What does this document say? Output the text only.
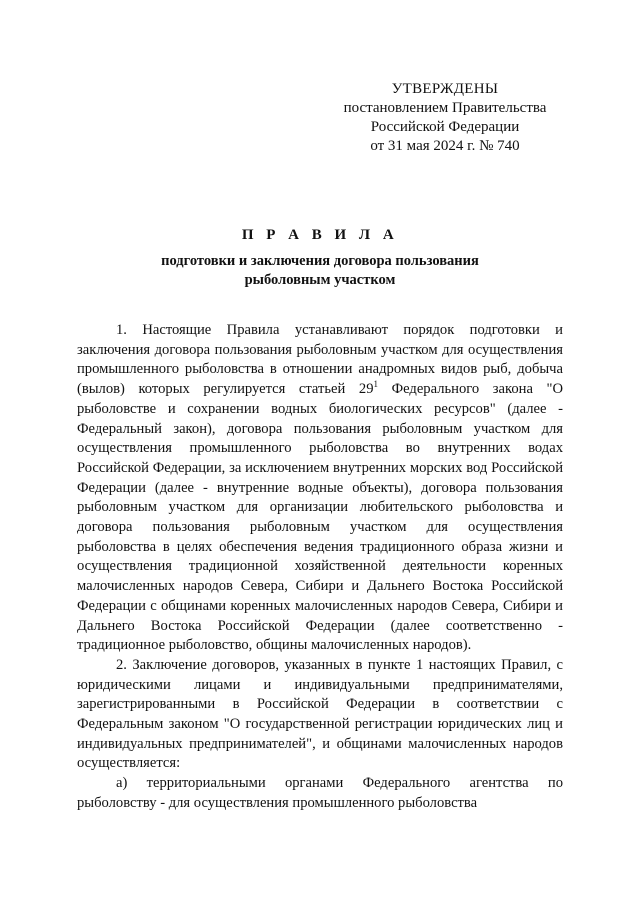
УТВЕРЖДЕНЫ
постановлением Правительства
Российской Федерации
от 31 мая 2024 г. № 740
П Р А В И Л А
подготовки и заключения договора пользования
рыболовным участком

1. Настоящие Правила устанавливают порядок подготовки и заключения договора пользования рыболовным участком для осуществления промышленного рыболовства в отношении анадромных видов рыб, добыча (вылов) которых регулируется статьей $29^1$ Федерального закона "О рыболовстве и сохранении водных биологических ресурсов" (далее - Федеральный закон), договора пользования рыболовным участком для осуществления промышленного рыболовства во внутренних водах Российской Федерации, за исключением внутренних морских вод Российской Федерации (далее - внутренние водные объекты), договора пользования рыболовным участком для организации любительского рыболовства и договора пользования рыболовным участком для осуществления рыболовства в целях обеспечения ведения традиционного образа жизни и осуществления традиционной хозяйственной деятельности коренных малочисленных народов Севера, Сибири и Дальнего Востока Российской Федерации с общинами коренных малочисленных народов Севера, Сибири и Дальнего Востока Российской Федерации (далее соответственно - традиционное рыболовство, общины малочисленных народов).

2. Заключение договоров, указанных в пункте 1 настоящих Правил, с юридическими лицами и индивидуальными предпринимателями, зарегистрированными в Российской Федерации в соответствии с Федеральным законом "О государственной регистрации юридических лиц и индивидуальных предпринимателей", и общинами малочисленных народов осуществляется:

а) территориальными органами Федерального агентства по рыболовству - для осуществления промышленного рыболовства
